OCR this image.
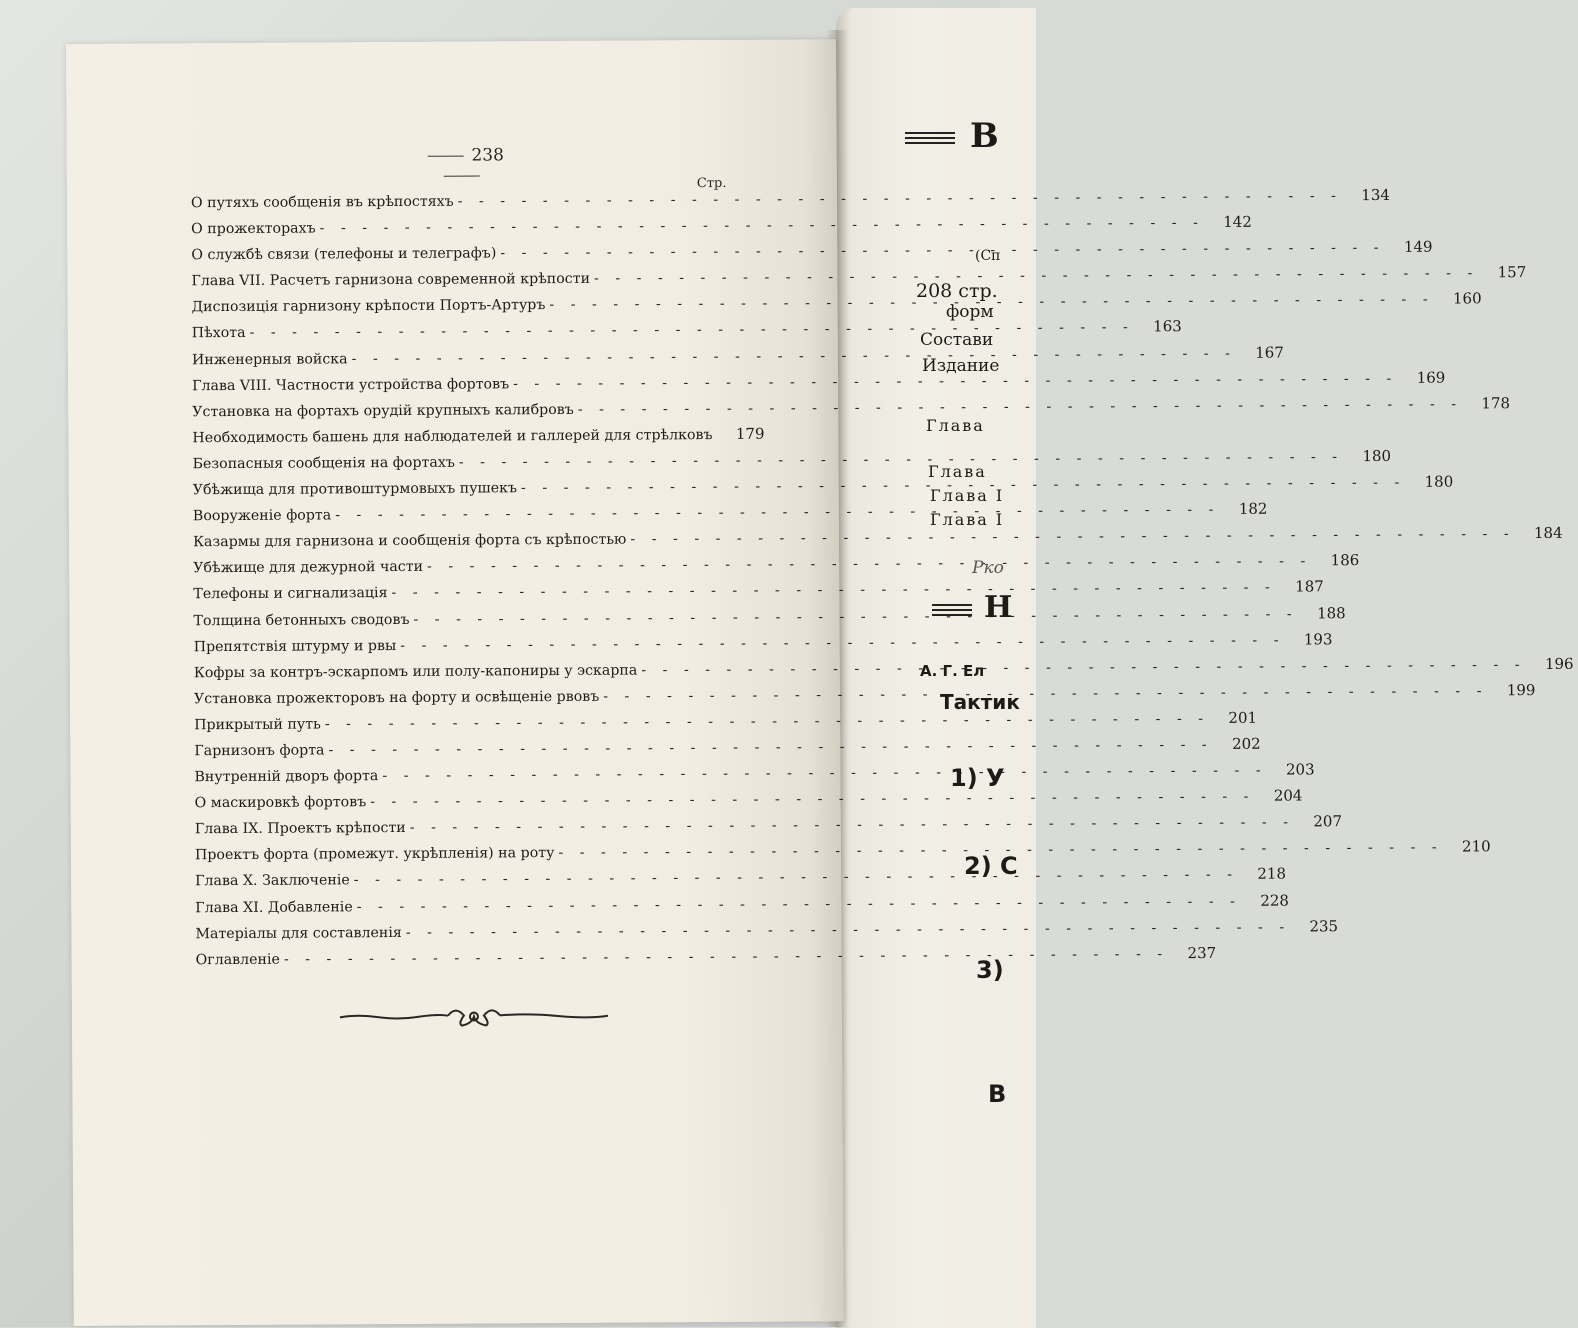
238
Стр.
О путяхъ сообщенія въ крѣпостяхъ - - -	134
О прожекторахъ - - -	142
О службѣ связи (телефоны и телеграфъ) - - -	149
Глава VII. Расчетъ гарнизона современной крѣпости - - -	157
Диспозиція гарнизону крѣпости Портъ-Артуръ - - -	160
Пѣхота - - -	163
Инженерныя войска - - -	167
Глава VIII. Частности устройства фортовъ - - -	169
Установка на фортахъ орудій крупныхъ калибровъ - - -	178
Необходимость башень для наблюдателей и галлерей для стрѣлковъ - - -	179
Безопасныя сообщенія на фортахъ - - -	180
Убѣжища для противоштурмовыхъ пушекъ - - -	180
Вооруженіе форта - - -	182
Казармы для гарнизона и сообщенія форта съ крѣпостью - - -	184
Убѣжище для дежурной части - - -	186
Телефоны и сигнализація - - -	187
Толщина бетонныхъ сводовъ - - -	188
Препятствія штурму и рвы - - -	193
Кофры за контръ-эскарпомъ или полу-капониры у эскарпа - - -	196
Установка прожекторовъ на форту и освѣщеніе рвовъ - - -	199
Прикрытый путь - - -	201
Гарнизонъ форта - - -	202
Внутренній дворъ форта - - -	203
О маскировкѣ фортовъ - - -	204
Глава IX. Проектъ крѣпости - - -	207
Проектъ форта (промежут. укрѣпленія) на роту - - -	210
Глава X. Заключеніе - - -	218
Глава XI. Добавленіе - - -	228
Матеріалы для составленія - - -	235
Оглавленіе - - -	237
В
(Сп
208 стр.
форм
Состави
Издание
Глава
Глава
Глава I
Глава I
Рко
Н
А. Г. Ел
Тактик
1) У
2) С
3)
В
